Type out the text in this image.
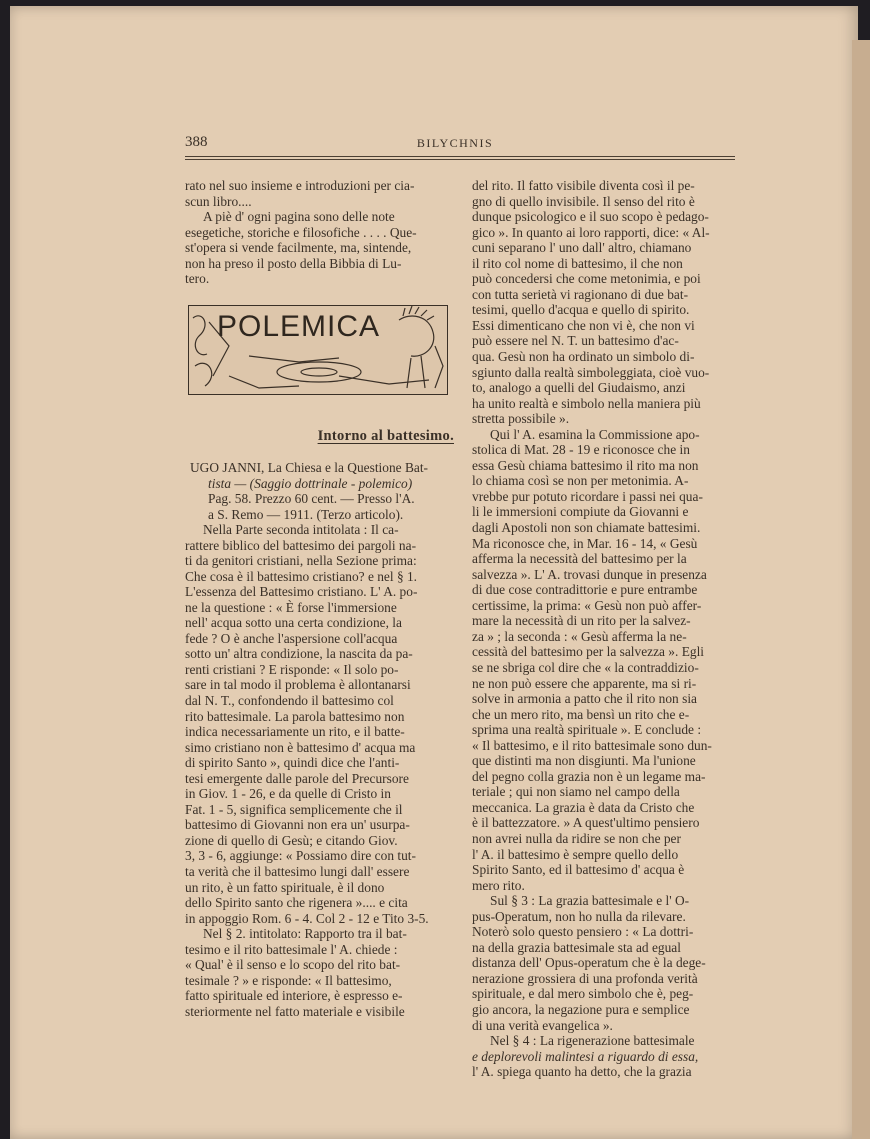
388	BILYCHNIS
rato nel suo insieme e introduzioni per cia-
scun libro....
A piè d' ogni pagina sono delle note
esegetiche, storiche e filosofiche . . . . Que-
st'opera si vende facilmente, ma, sintende,
non ha preso il posto della Bibbia di Lu-
tero.
POLEMICA
Intorno al battesimo.
UGO JANNI, La Chiesa e la Questione Bat-
tista — (Saggio dottrinale - polemico)
Pag. 58. Prezzo 60 cent. — Presso l'A.
a S. Remo — 1911. (Terzo articolo).
Nella Parte seconda intitolata : Il ca-
rattere biblico del battesimo dei pargoli na-
ti da genitori cristiani, nella Sezione prima:
Che cosa è il battesimo cristiano? e nel § 1.
L'essenza del Battesimo cristiano. L' A. po-
ne la questione : « È forse l'immersione
nell' acqua sotto una certa condizione, la
fede ? O è anche l'aspersione coll'acqua
sotto un' altra condizione, la nascita da pa-
renti cristiani ? E risponde: « Il solo po-
sare in tal modo il problema è allontanarsi
dal N. T., confondendo il battesimo col
rito battesimale. La parola battesimo non
indica necessariamente un rito, e il batte-
simo cristiano non è battesimo d' acqua ma
di spirito Santo », quindi dice che l'anti-
tesi emergente dalle parole del Precursore
in Giov. 1 - 26, e da quelle di Cristo in
Fat. 1 - 5, significa semplicemente che il
battesimo di Giovanni non era un' usurpa-
zione di quello di Gesù; e citando Giov.
3, 3 - 6, aggiunge: « Possiamo dire con tut-
ta verità che il battesimo lungi dall' essere
un rito, è un fatto spirituale, è il dono
dello Spirito santo che rigenera ».... e cita
in appoggio Rom. 6 - 4. Col 2 - 12 e Tito 3-5.
Nel § 2. intitolato: Rapporto tra il bat-
tesimo e il rito battesimale l' A. chiede :
« Qual' è il senso e lo scopo del rito bat-
tesimale ? » e risponde: « Il battesimo,
fatto spirituale ed interiore, è espresso e-
steriormente nel fatto materiale e visibile
del rito. Il fatto visibile diventa così il pe-
gno di quello invisibile. Il senso del rito è
dunque psicologico e il suo scopo è pedago-
gico ». In quanto ai loro rapporti, dice: « Al-
cuni separano l' uno dall' altro, chiamano
il rito col nome di battesimo, il che non
può concedersi che come metonimia, e poi
con tutta serietà vi ragionano di due bat-
tesimi, quello d'acqua e quello di spirito.
Essi dimenticano che non vi è, che non vi
può essere nel N. T. un battesimo d'ac-
qua. Gesù non ha ordinato un simbolo di-
sgiunto dalla realtà simboleggiata, cioè vuo-
to, analogo a quelli del Giudaismo, anzi
ha unito realtà e simbolo nella maniera più
stretta possibile ».
Qui l' A. esamina la Commissione apo-
stolica di Mat. 28 - 19 e riconosce che in
essa Gesù chiama battesimo il rito ma non
lo chiama così se non per metonimia. A-
vrebbe pur potuto ricordare i passi nei qua-
li le immersioni compiute da Giovanni e
dagli Apostoli non son chiamate battesimi.
Ma riconosce che, in Mar. 16 - 14, « Gesù
afferma la necessità del battesimo per la
salvezza ». L' A. trovasi dunque in presenza
di due cose contradittorie e pure entrambe
certissime, la prima: « Gesù non può affer-
mare la necessità di un rito per la salvez-
za » ; la seconda : « Gesù afferma la ne-
cessità del battesimo per la salvezza ». Egli
se ne sbriga col dire che « la contraddizio-
ne non può essere che apparente, ma si ri-
solve in armonia a patto che il rito non sia
che un mero rito, ma bensì un rito che e-
sprima una realtà spirituale ». E conclude :
« Il battesimo, e il rito battesimale sono dun-
que distinti ma non disgiunti. Ma l'unione
del pegno colla grazia non è un legame ma-
teriale ; qui non siamo nel campo della
meccanica. La grazia è data da Cristo che
è il battezzatore. » A quest'ultimo pensiero
non avrei nulla da ridire se non che per
l' A. il battesimo è sempre quello dello
Spirito Santo, ed il battesimo d' acqua è
mero rito.
Sul § 3 : La grazia battesimale e l' O-
pus-Operatum, non ho nulla da rilevare.
Noterò solo questo pensiero : « La dottri-
na della grazia battesimale sta ad egual
distanza dell' Opus-operatum che è la dege-
nerazione grossiera di una profonda verità
spirituale, e dal mero simbolo che è, peg-
gio ancora, la negazione pura e semplice
di una verità evangelica ».
Nel § 4 : La rigenerazione battesimale
e deplorevoli malintesi a riguardo di essa,
l' A. spiega quanto ha detto, che la grazia
